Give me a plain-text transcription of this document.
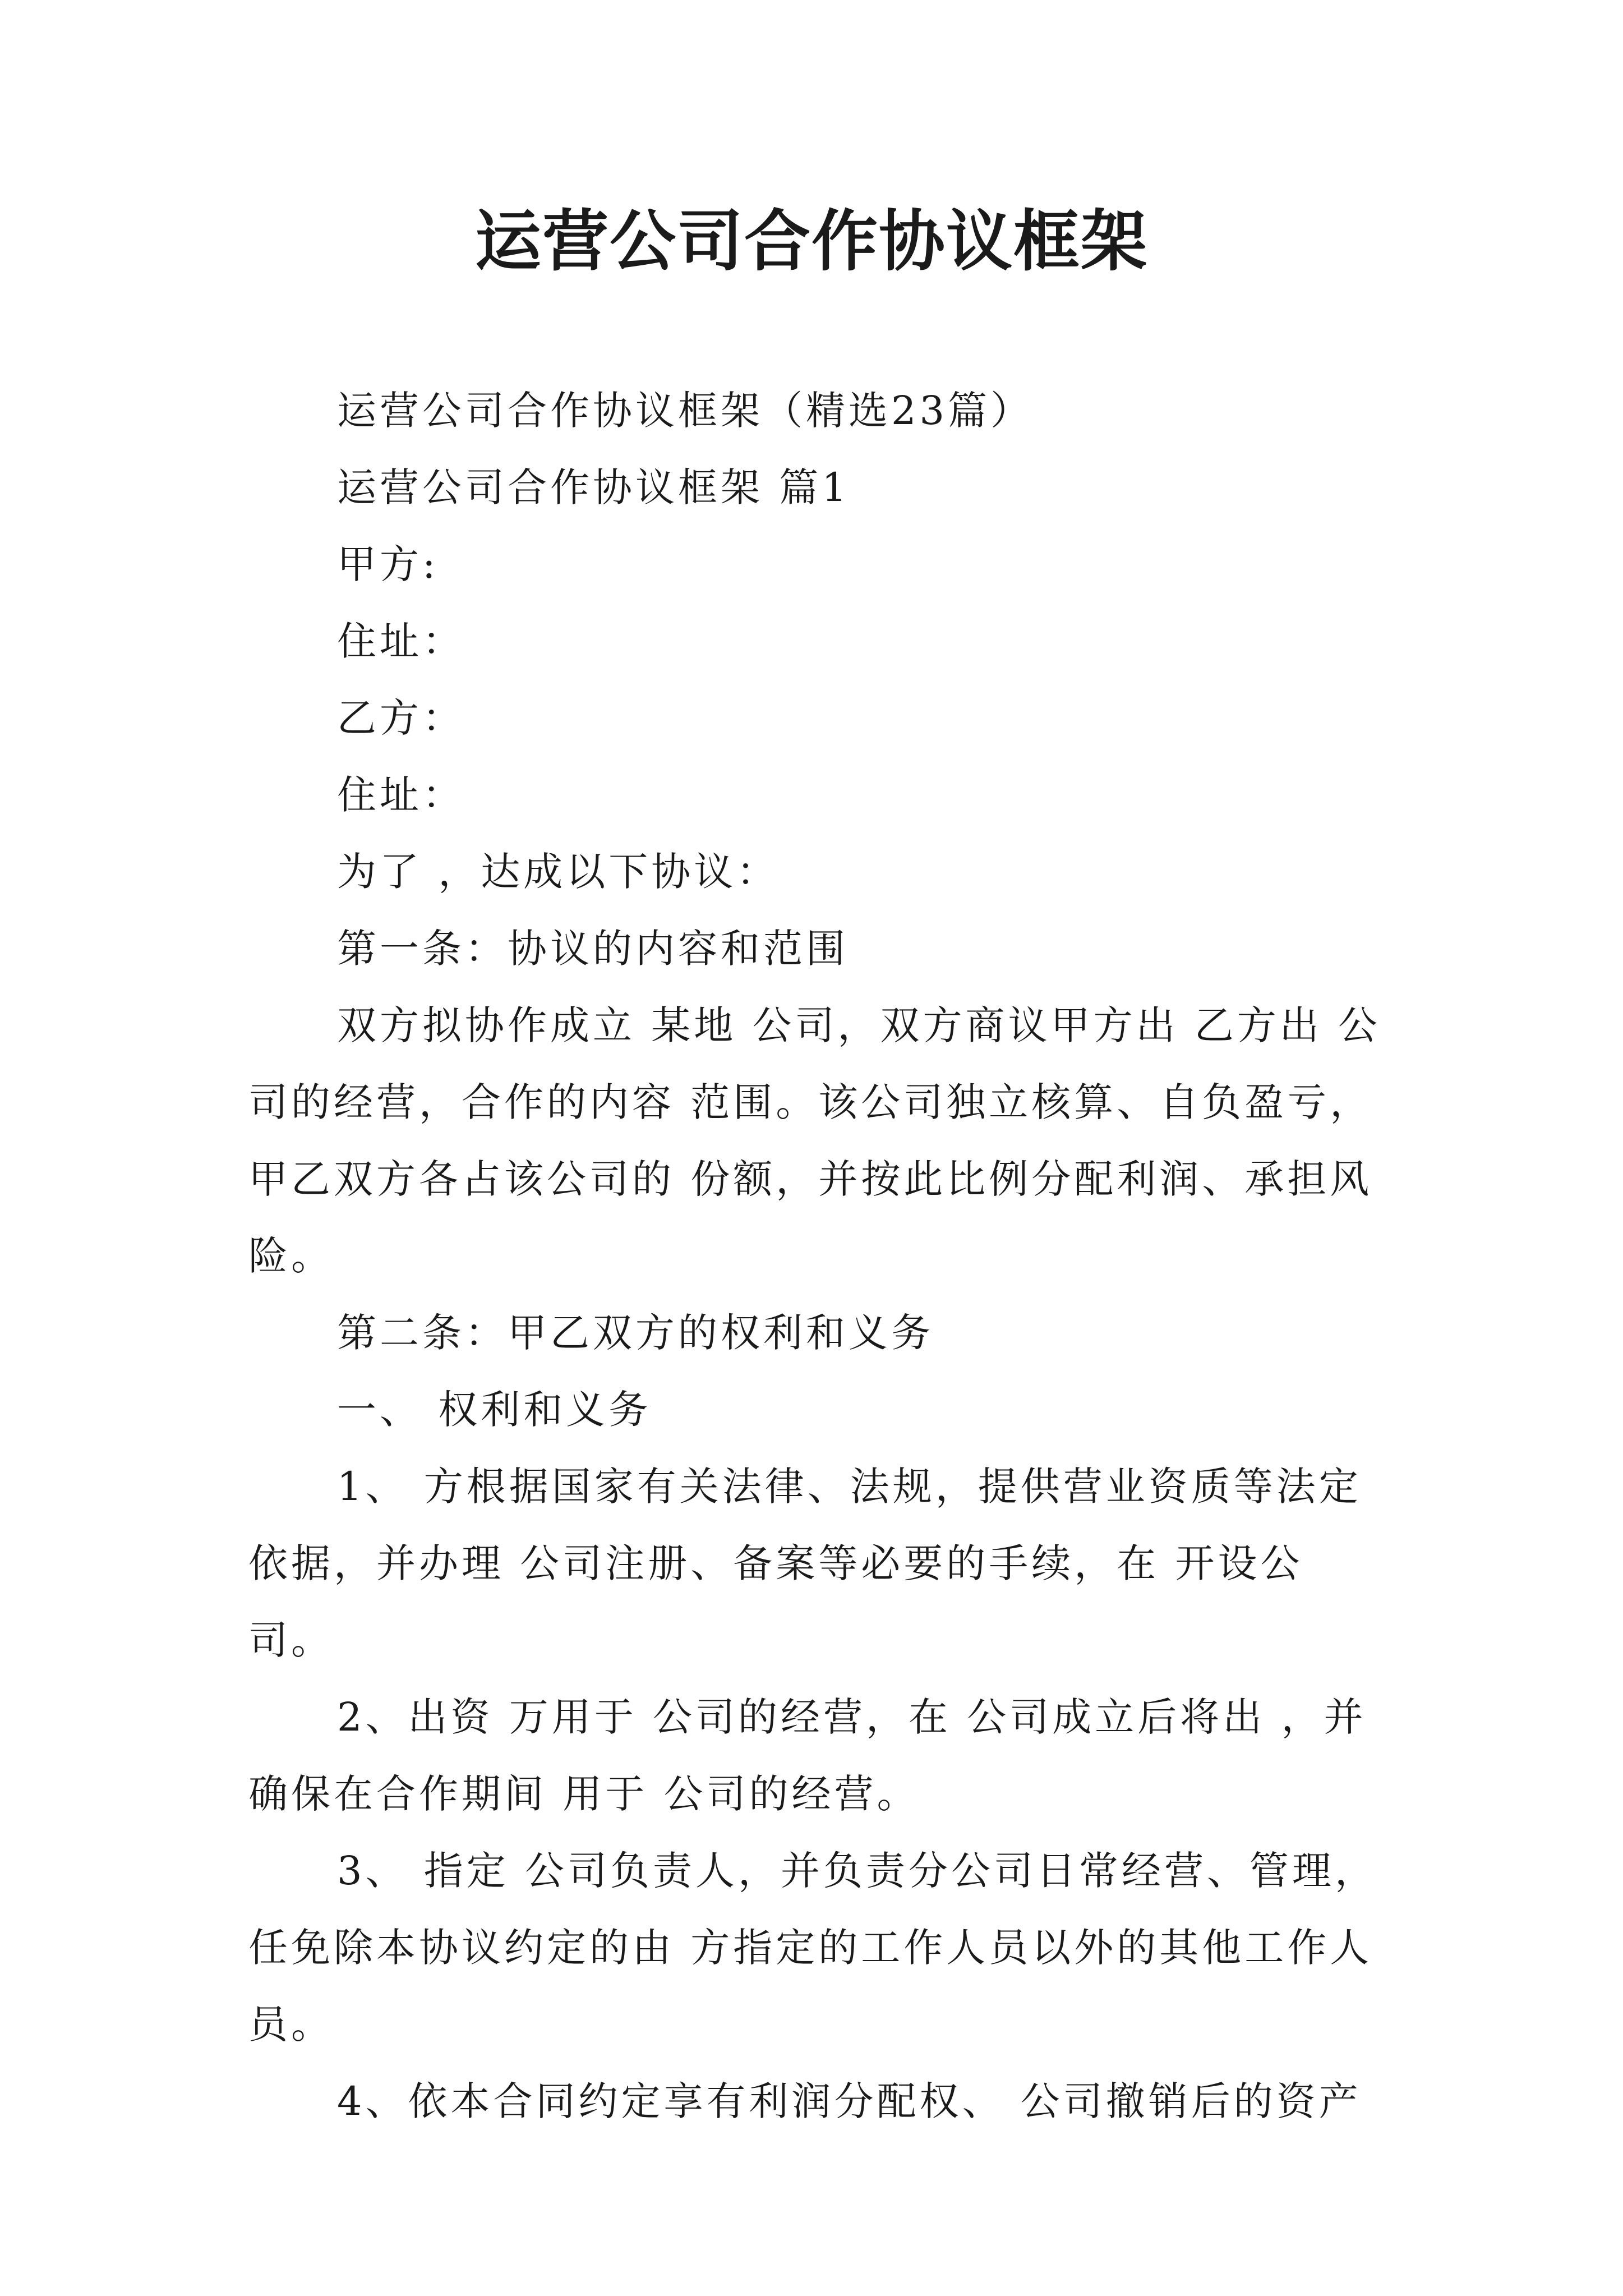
运营公司合作协议框架

运营公司合作协议框架（精选23篇）

运营公司合作协议框架 篇1

甲方:

住址：

乙方：

住址：

为了 ，达成以下协议：

第一条：协议的内容和范围

双方拟协作成立 某地 公司，双方商议甲方出 乙方出 公司的经营，合作的内容 范围。该公司独立核算、自负盈亏，甲乙双方各占该公司的 份额，并按此比例分配利润、承担风险。

第二条：甲乙双方的权利和义务

一、 权利和义务

1、 方根据国家有关法律、法规，提供营业资质等法定依据，并办理 公司注册、备案等必要的手续，在 开设公司。

2、出资 万用于 公司的经营，在 公司成立后将出 ，并确保在合作期间 用于 公司的经营。

3、 指定 公司负责人，并负责分公司日常经营、管理，任免除本协议约定的由 方指定的工作人员以外的其他工作人员。

4、依本合同约定享有利润分配权、 公司撤销后的资产
